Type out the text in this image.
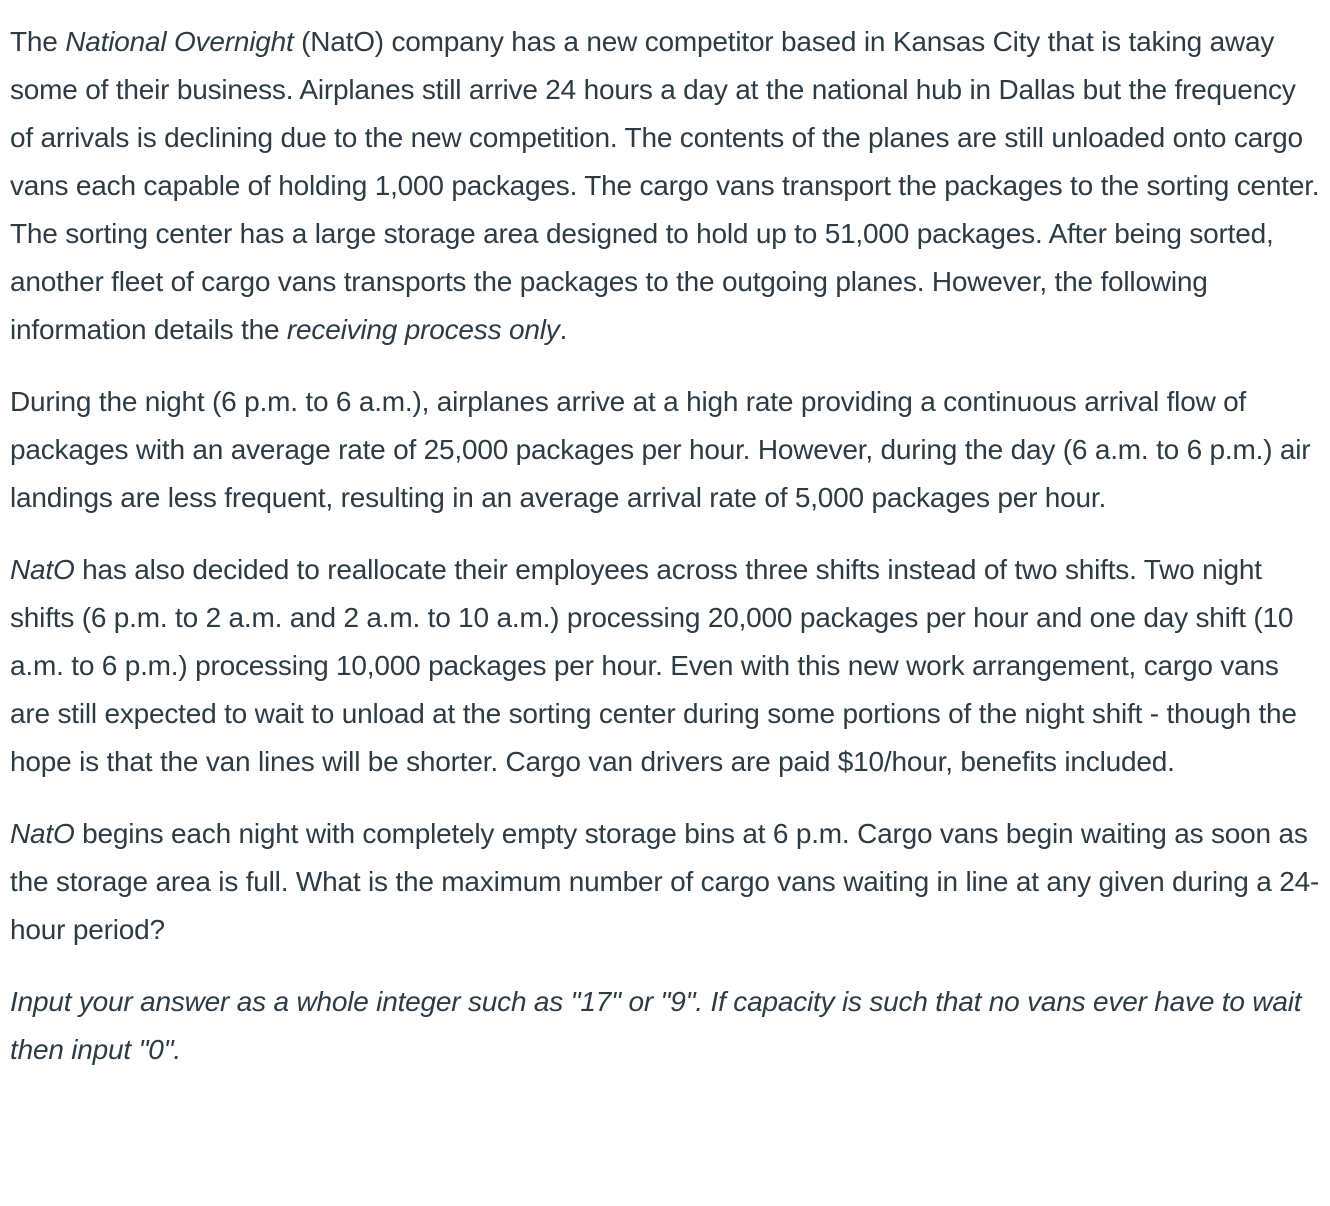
The National Overnight (NatO) company has a new competitor based in Kansas City that is taking away some of their business. Airplanes still arrive 24 hours a day at the national hub in Dallas but the frequency of arrivals is declining due to the new competition. The contents of the planes are still unloaded onto cargo vans each capable of holding 1,000 packages. The cargo vans transport the packages to the sorting center. The sorting center has a large storage area designed to hold up to 51,000 packages. After being sorted, another fleet of cargo vans transports the packages to the outgoing planes. However, the following information details the receiving process only.

During the night (6 p.m. to 6 a.m.), airplanes arrive at a high rate providing a continuous arrival flow of packages with an average rate of 25,000 packages per hour. However, during the day (6 a.m. to 6 p.m.) air landings are less frequent, resulting in an average arrival rate of 5,000 packages per hour.

NatO has also decided to reallocate their employees across three shifts instead of two shifts. Two night shifts (6 p.m. to 2 a.m. and 2 a.m. to 10 a.m.) processing 20,000 packages per hour and one day shift (10 a.m. to 6 p.m.) processing 10,000 packages per hour. Even with this new work arrangement, cargo vans are still expected to wait to unload at the sorting center during some portions of the night shift - though the hope is that the van lines will be shorter. Cargo van drivers are paid $10/hour, benefits included.

NatO begins each night with completely empty storage bins at 6 p.m. Cargo vans begin waiting as soon as the storage area is full. What is the maximum number of cargo vans waiting in line at any given during a 24-hour period?

Input your answer as a whole integer such as "17" or "9". If capacity is such that no vans ever have to wait then input "0".
